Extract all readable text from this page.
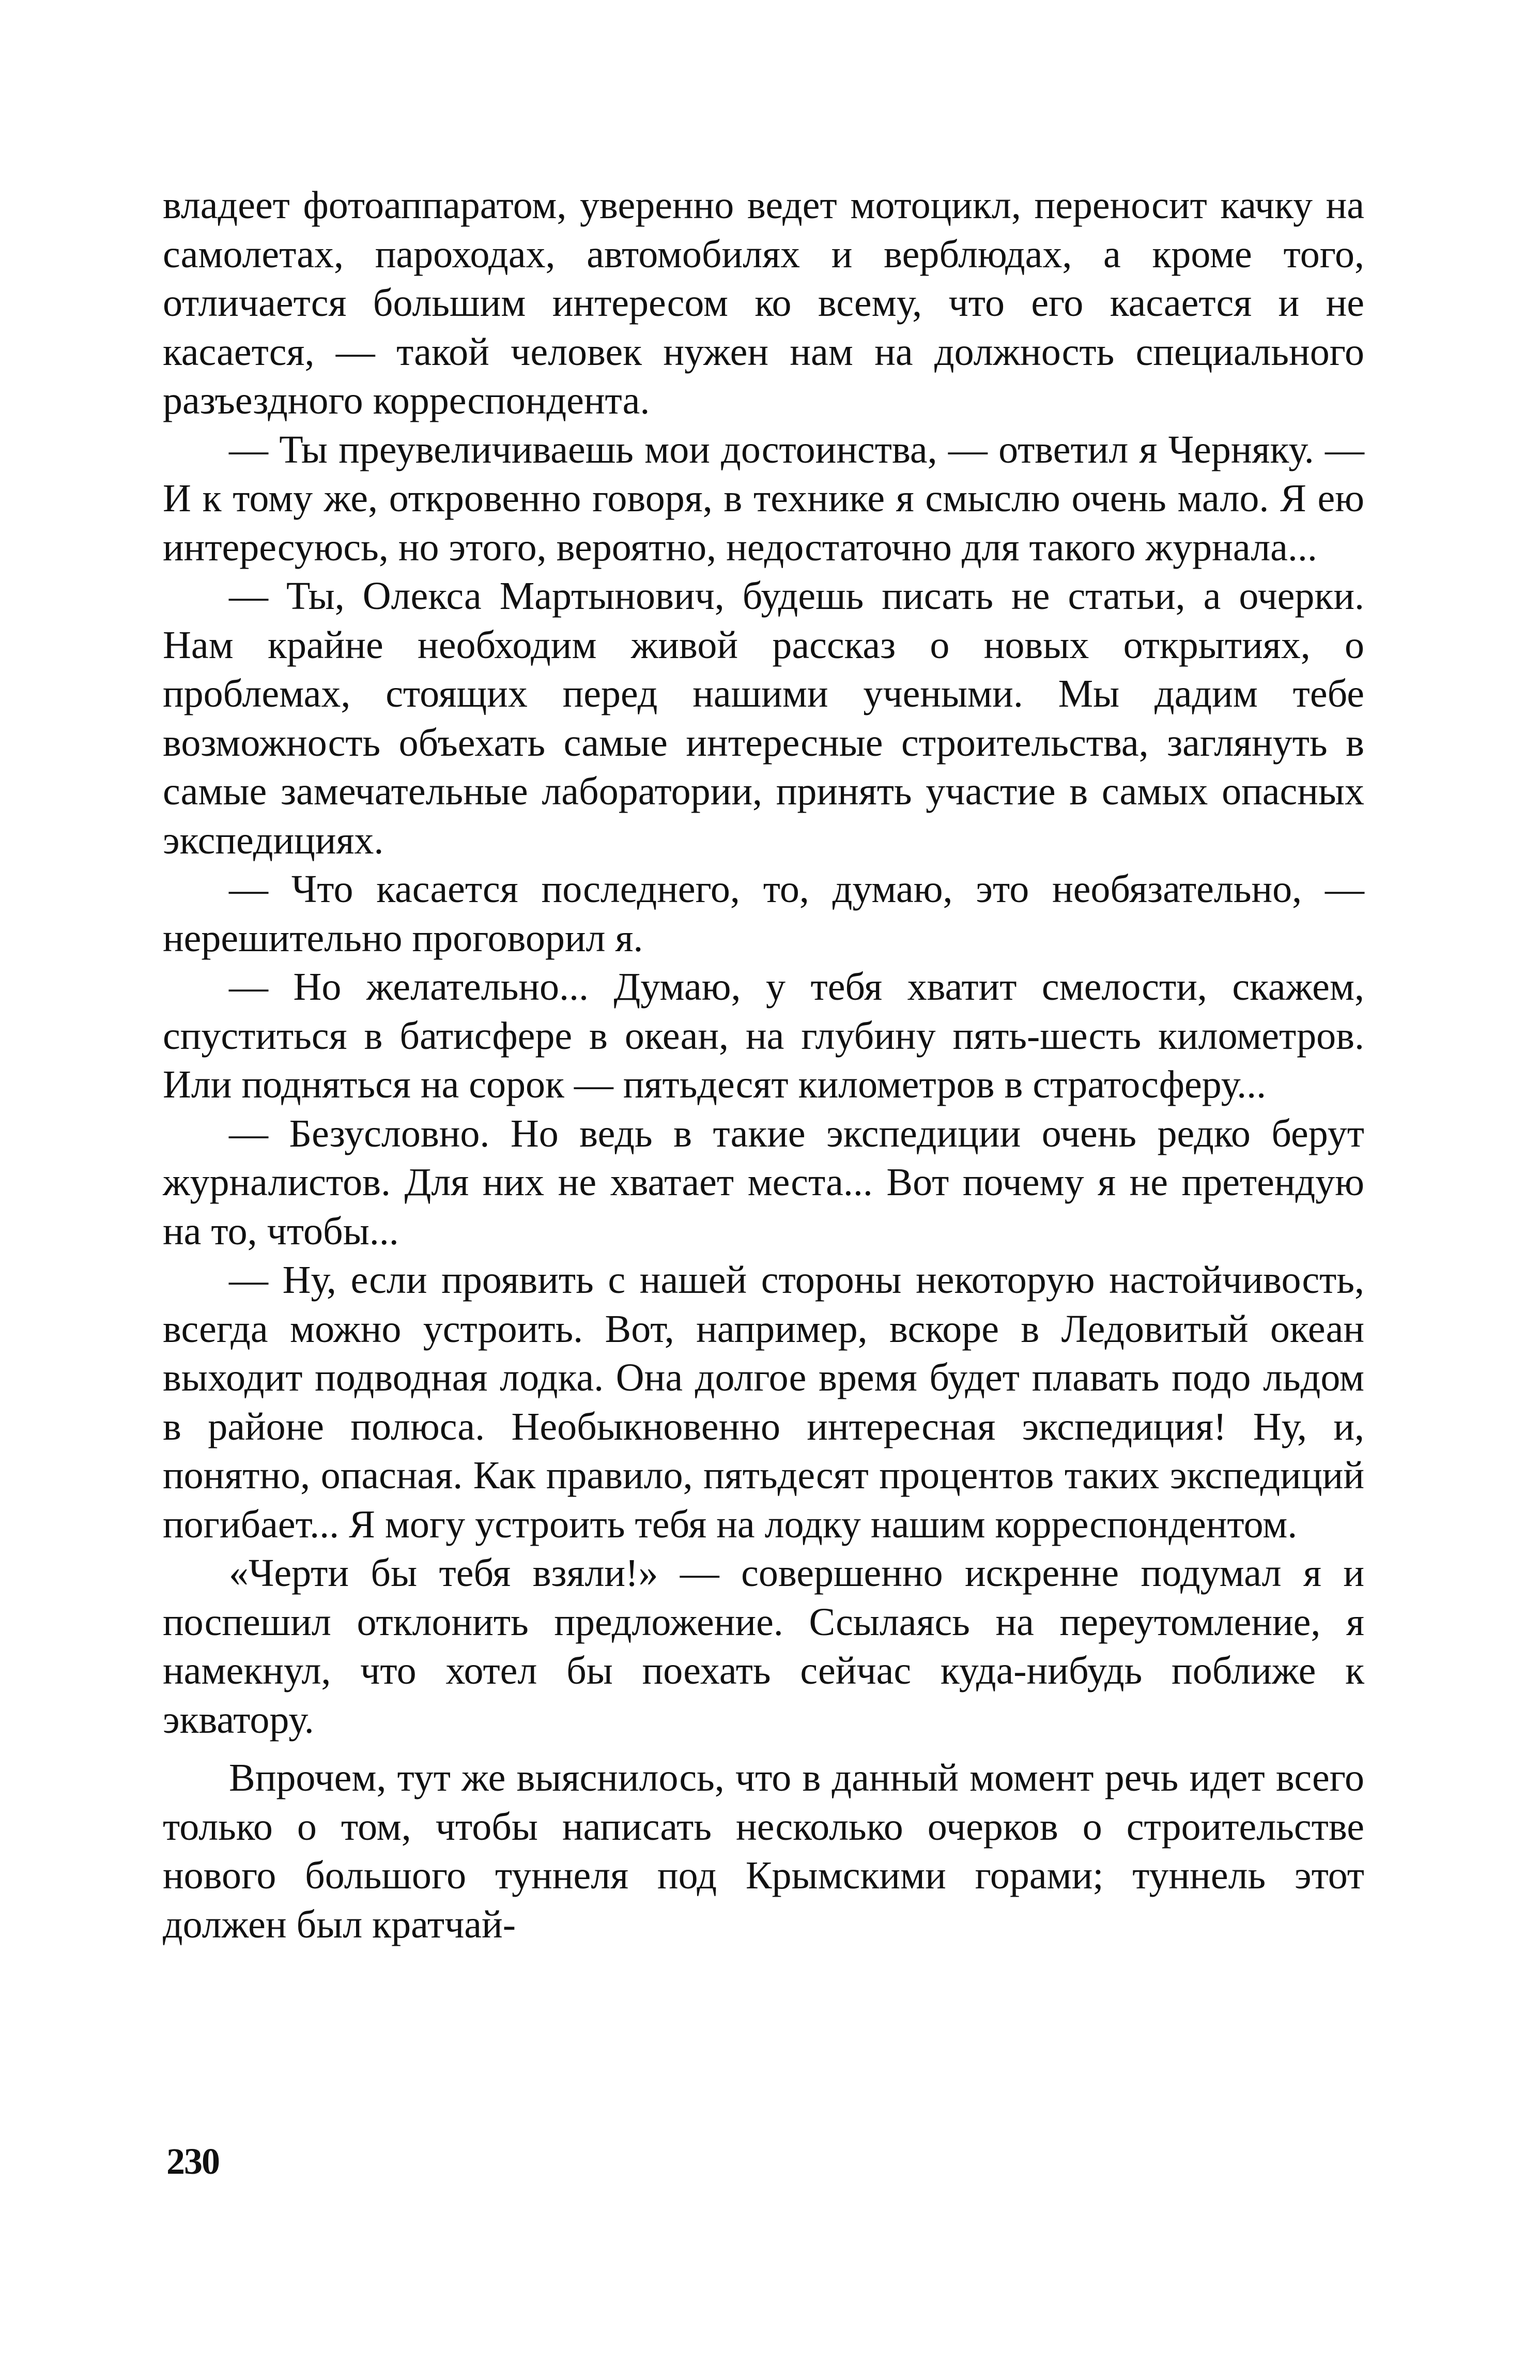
владеет фотоаппаратом, уверенно ведет мотоцикл, переносит качку на самолетах, пароходах, автомобилях и верблюдах, а кроме того, отличается большим интересом ко всему, что его касается и не касается, — такой человек нужен нам на должность специального разъездного корреспондента.

— Ты преувеличиваешь мои достоинства, — ответил я Черняку. — И к тому же, откровенно говоря, в технике я смыслю очень мало. Я ею интересуюсь, но этого, вероятно, недостаточно для такого журнала...

— Ты, Олекса Мартынович, будешь писать не статьи, а очерки. Нам крайне необходим живой рассказ о новых открытиях, о проблемах, стоящих перед нашими учеными. Мы дадим тебе возможность объехать самые интересные строительства, заглянуть в самые замечательные лаборатории, принять участие в самых опасных экспедициях.

— Что касается последнего, то, думаю, это необязательно, — нерешительно проговорил я.

— Но желательно... Думаю, у тебя хватит смелости, скажем, спуститься в батисфере в океан, на глубину пять-шесть километров. Или подняться на сорок — пятьдесят километров в стратосферу...

— Безусловно. Но ведь в такие экспедиции очень редко берут журналистов. Для них не хватает места... Вот почему я не претендую на то, чтобы...

— Ну, если проявить с нашей стороны некоторую настойчивость, всегда можно устроить. Вот, например, вскоре в Ледовитый океан выходит подводная лодка. Она долгое время будет плавать подо льдом в районе полюса. Необыкновенно интересная экспедиция! Ну, и, понятно, опасная. Как правило, пятьдесят процентов таких экспедиций погибает... Я могу устроить тебя на лодку нашим корреспондентом.

«Черти бы тебя взяли!» — совершенно искренне подумал я и поспешил отклонить предложение. Ссылаясь на переутомление, я намекнул, что хотел бы поехать сейчас куда-нибудь поближе к экватору.

Впрочем, тут же выяснилось, что в данный момент речь идет всего только о том, чтобы написать несколько очерков о строительстве нового большого туннеля под Крымскими горами; туннель этот должен был кратчай-

230
